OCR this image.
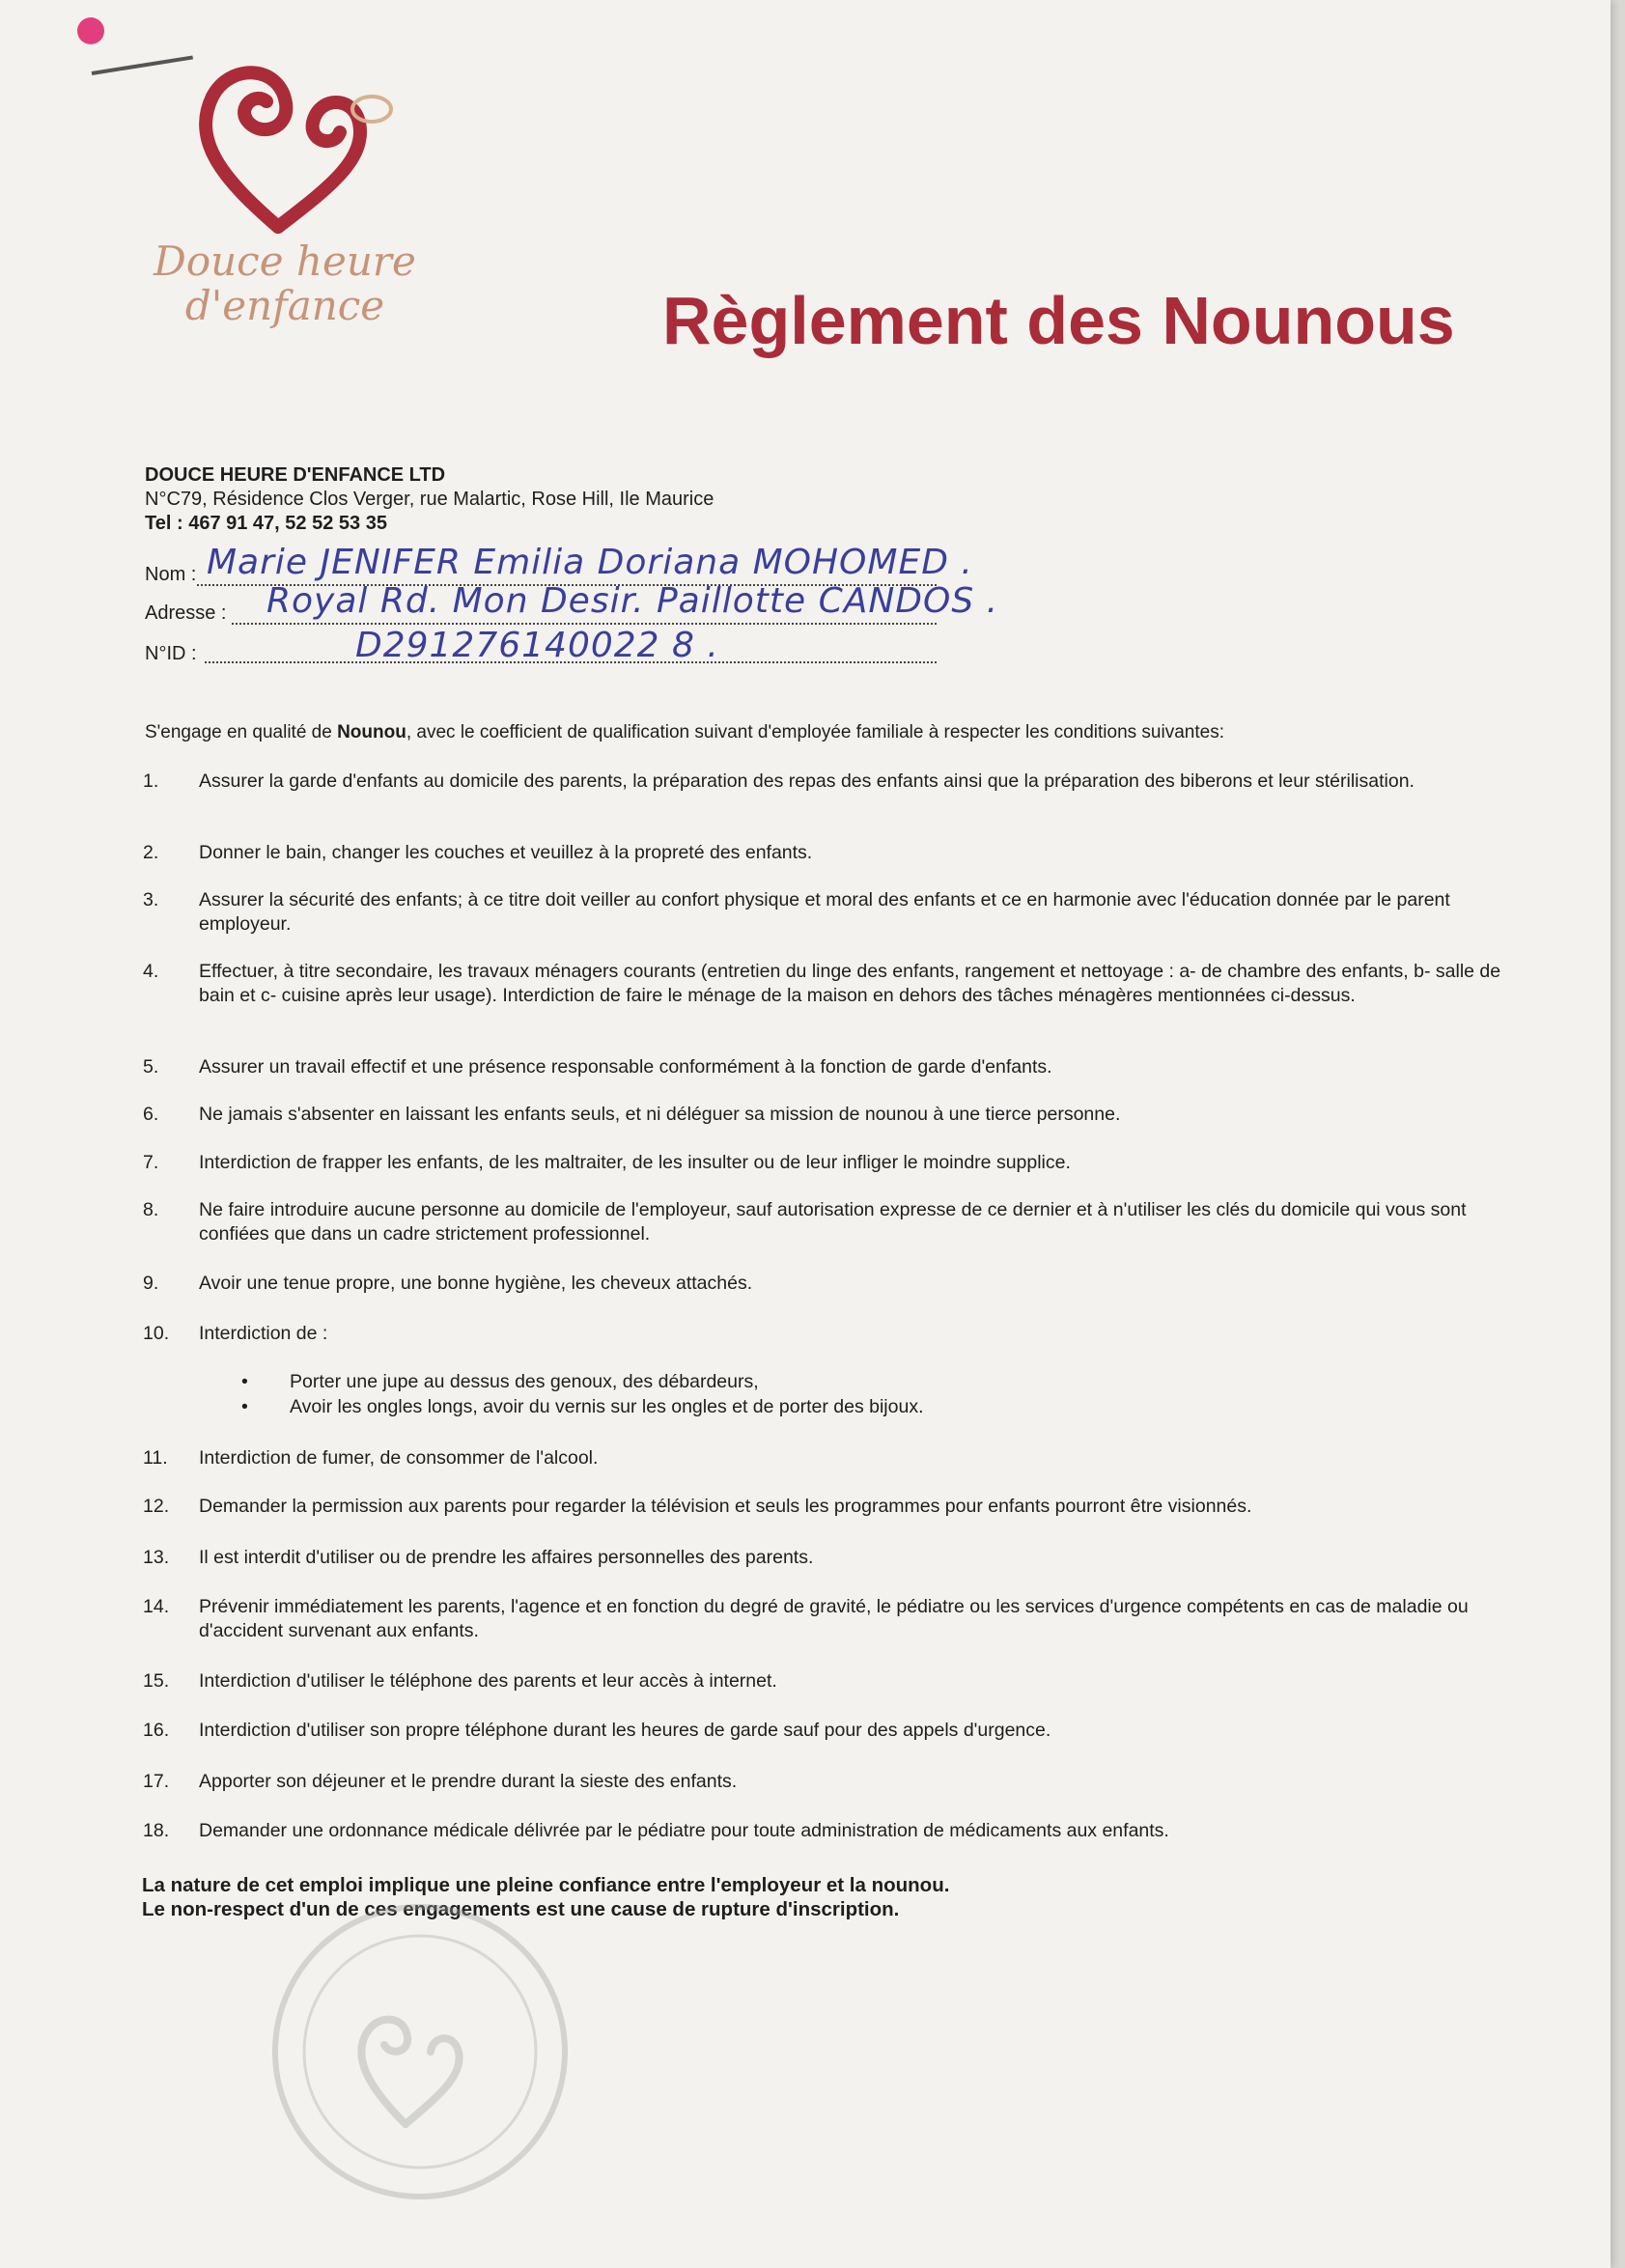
Douce heure
d'enfance	Règlement des Nounous
DOUCE HEURE D'ENFANCE LTD
N°C79, Résidence Clos Verger, rue Malartic, Rose Hill, Ile Maurice
Tel : 467 91 47, 52 52 53 35
Nom : Marie JENIFER Emilia Doriana MOHOMED .
Adresse : Royal Rd. Mon Desir. Paillotte CANDOS .
N°ID :	D291276140022 8 .
S'engage en qualité de Nounou, avec le coefficient de qualification suivant d'employée familiale à respecter les conditions suivantes:
1.	Assurer la garde d'enfants au domicile des parents, la préparation des repas des enfants ainsi que la préparation des biberons et leur stérilisation.
2.	Donner le bain, changer les couches et veuillez à la propreté des enfants.
3.	Assurer la sécurité des enfants; à ce titre doit veiller au confort physique et moral des enfants et ce en harmonie avec l'éducation donnée par le parent employeur.
4.	Effectuer, à titre secondaire, les travaux ménagers courants (entretien du linge des enfants, rangement et nettoyage : a- de chambre des enfants, b- salle de bain et c- cuisine après leur usage). Interdiction de faire le ménage de la maison en dehors des tâches ménagères mentionnées ci-dessus.
5.	Assurer un travail effectif et une présence responsable conformément à la fonction de garde d'enfants.
6.	Ne jamais s'absenter en laissant les enfants seuls, et ni déléguer sa mission de nounou à une tierce personne.
7.	Interdiction de frapper les enfants, de les maltraiter, de les insulter ou de leur infliger le moindre supplice.
8.	Ne faire introduire aucune personne au domicile de l'employeur, sauf autorisation expresse de ce dernier et à n'utiliser les clés du domicile qui vous sont confiées que dans un cadre strictement professionnel.
9.	Avoir une tenue propre, une bonne hygiène, les cheveux attachés.
10.	Interdiction de :
• Porter une jupe au dessus des genoux, des débardeurs,
• Avoir les ongles longs, avoir du vernis sur les ongles et de porter des bijoux.
11.	Interdiction de fumer, de consommer de l'alcool.
12.	Demander la permission aux parents pour regarder la télévision et seuls les programmes pour enfants pourront être visionnés.
13.	Il est interdit d'utiliser ou de prendre les affaires personnelles des parents.
14.	Prévenir immédiatement les parents, l'agence et en fonction du degré de gravité, le pédiatre ou les services d'urgence compétents en cas de maladie ou d'accident survenant aux enfants.
15.	Interdiction d'utiliser le téléphone des parents et leur accès à internet.
16.	Interdiction d'utiliser son propre téléphone durant les heures de garde sauf pour des appels d'urgence.
17.	Apporter son déjeuner et le prendre durant la sieste des enfants.
18.	Demander une ordonnance médicale délivrée par le pédiatre pour toute administration de médicaments aux enfants.
La nature de cet emploi implique une pleine confiance entre l'employeur et la nounou.
Le non-respect d'un de ces engagements est une cause de rupture d'inscription.
